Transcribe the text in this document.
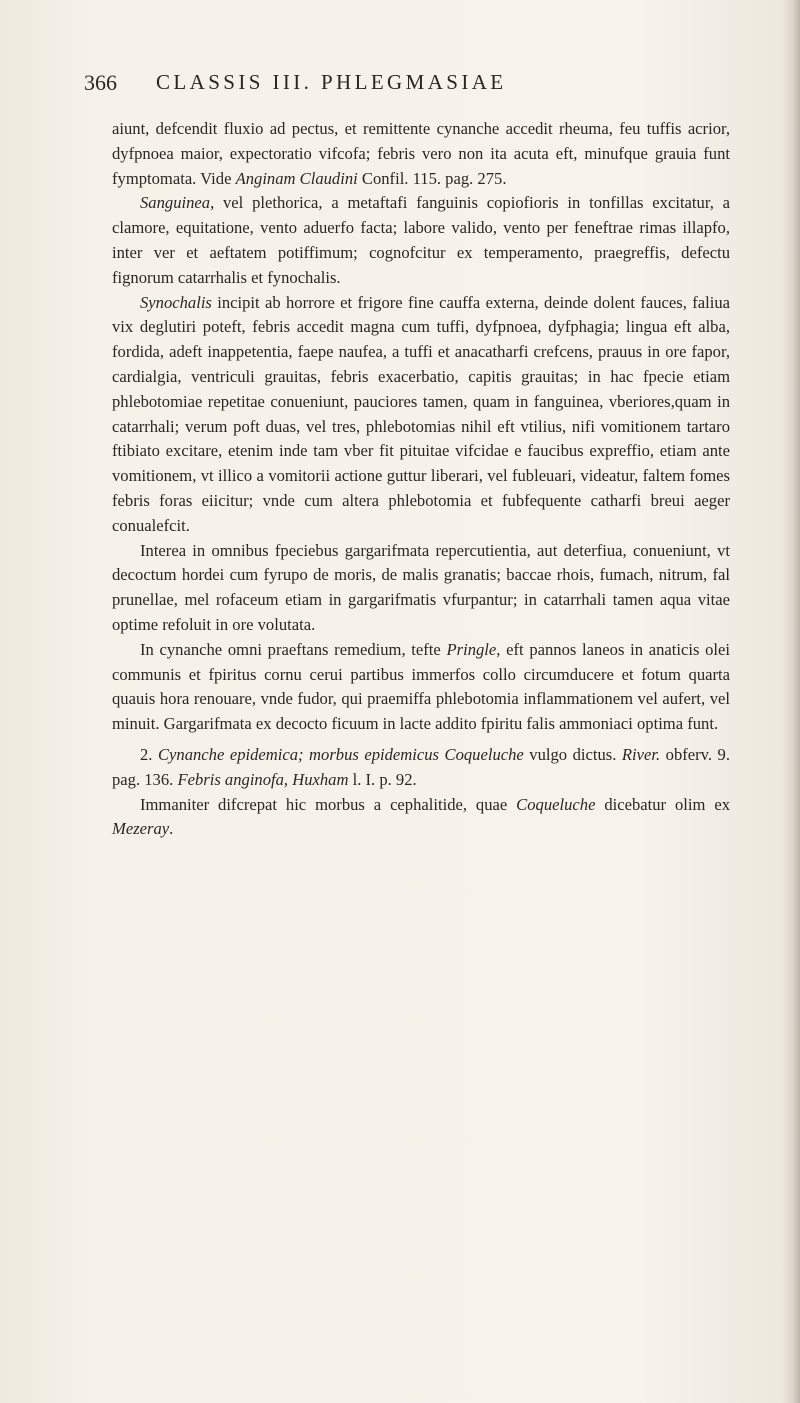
366 CLASSIS III. PHLEGMASIAE

aiunt, defcendit fluxio ad pectus, et remittente cynanche accedit rheuma, feu tuffis acrior, dyfpnoea maior, expectoratio vifcofa; febris vero non ita acuta eft, minufque grauia funt fymptomata. Vide Anginam Claudini Confil. 115. pag. 275.

Sanguinea, vel plethorica, a metaftafi fanguinis copiofioris in tonfillas excitatur, a clamore, equitatione, vento aduerfo facta; labore valido, vento per feneftrae rimas illapfo, inter ver et aeftatem potiffimum; cognofcitur ex temperamento, praegreffis, defectu fignorum catarrhalis et fynochalis.

Synochalis incipit ab horrore et frigore fine cauffa externa, deinde dolent fauces, faliua vix deglutiri poteft, febris accedit magna cum tuffi, dyfpnoea, dyfphagia; lingua eft alba, fordida, adeft inappetentia, faepe naufea, a tuffi et anacatharfi crefcens, prauus in ore fapor, cardialgia, ventriculi grauitas, febris exacerbatio, capitis grauitas; in hac fpecie etiam phlebotomiae repetitae conueniunt, pauciores tamen, quam in fanguinea, vberiores,quam in catarrhali; verum poft duas, vel tres, phlebotomias nihil eft vtilius, nifi vomitionem tartaro ftibiato excitare, etenim inde tam vber fit pituitae vifcidae e faucibus expreffio, etiam ante vomitionem, vt illico a vomitorii actione guttur liberari, vel fubleuari, videatur, faltem fomes febris foras eiicitur; vnde cum altera phlebotomia et fubfequente catharfi breui aeger conualefcit.

Interea in omnibus fpeciebus gargarifmata repercutientia, aut deterfiua, conueniunt, vt decoctum hordei cum fyrupo de moris, de malis granatis; baccae rhois, fumach, nitrum, fal prunellae, mel rofaceum etiam in gargarifmatis vfurpantur; in catarrhali tamen aqua vitae optime refoluit in ore volutata.

In cynanche omni praeftans remedium, tefte Pringle, eft pannos laneos in anaticis olei communis et fpiritus cornu cerui partibus immerfos collo circumducere et fotum quarta quauis hora renouare, vnde fudor, qui praemiffa phlebotomia inflammationem vel aufert, vel minuit. Gargarifmata ex decocto ficuum in lacte addito fpiritu falis ammoniaci optima funt.

2. Cynanche epidemica; morbus epidemicus Coqueluche vulgo dictus. River. obferv. 9. pag. 136. Febris anginofa, Huxham l. I. p. 92.

Immaniter difcrepat hic morbus a cephalitide, quae Coqueluche dicebatur olim ex Mezeray.
